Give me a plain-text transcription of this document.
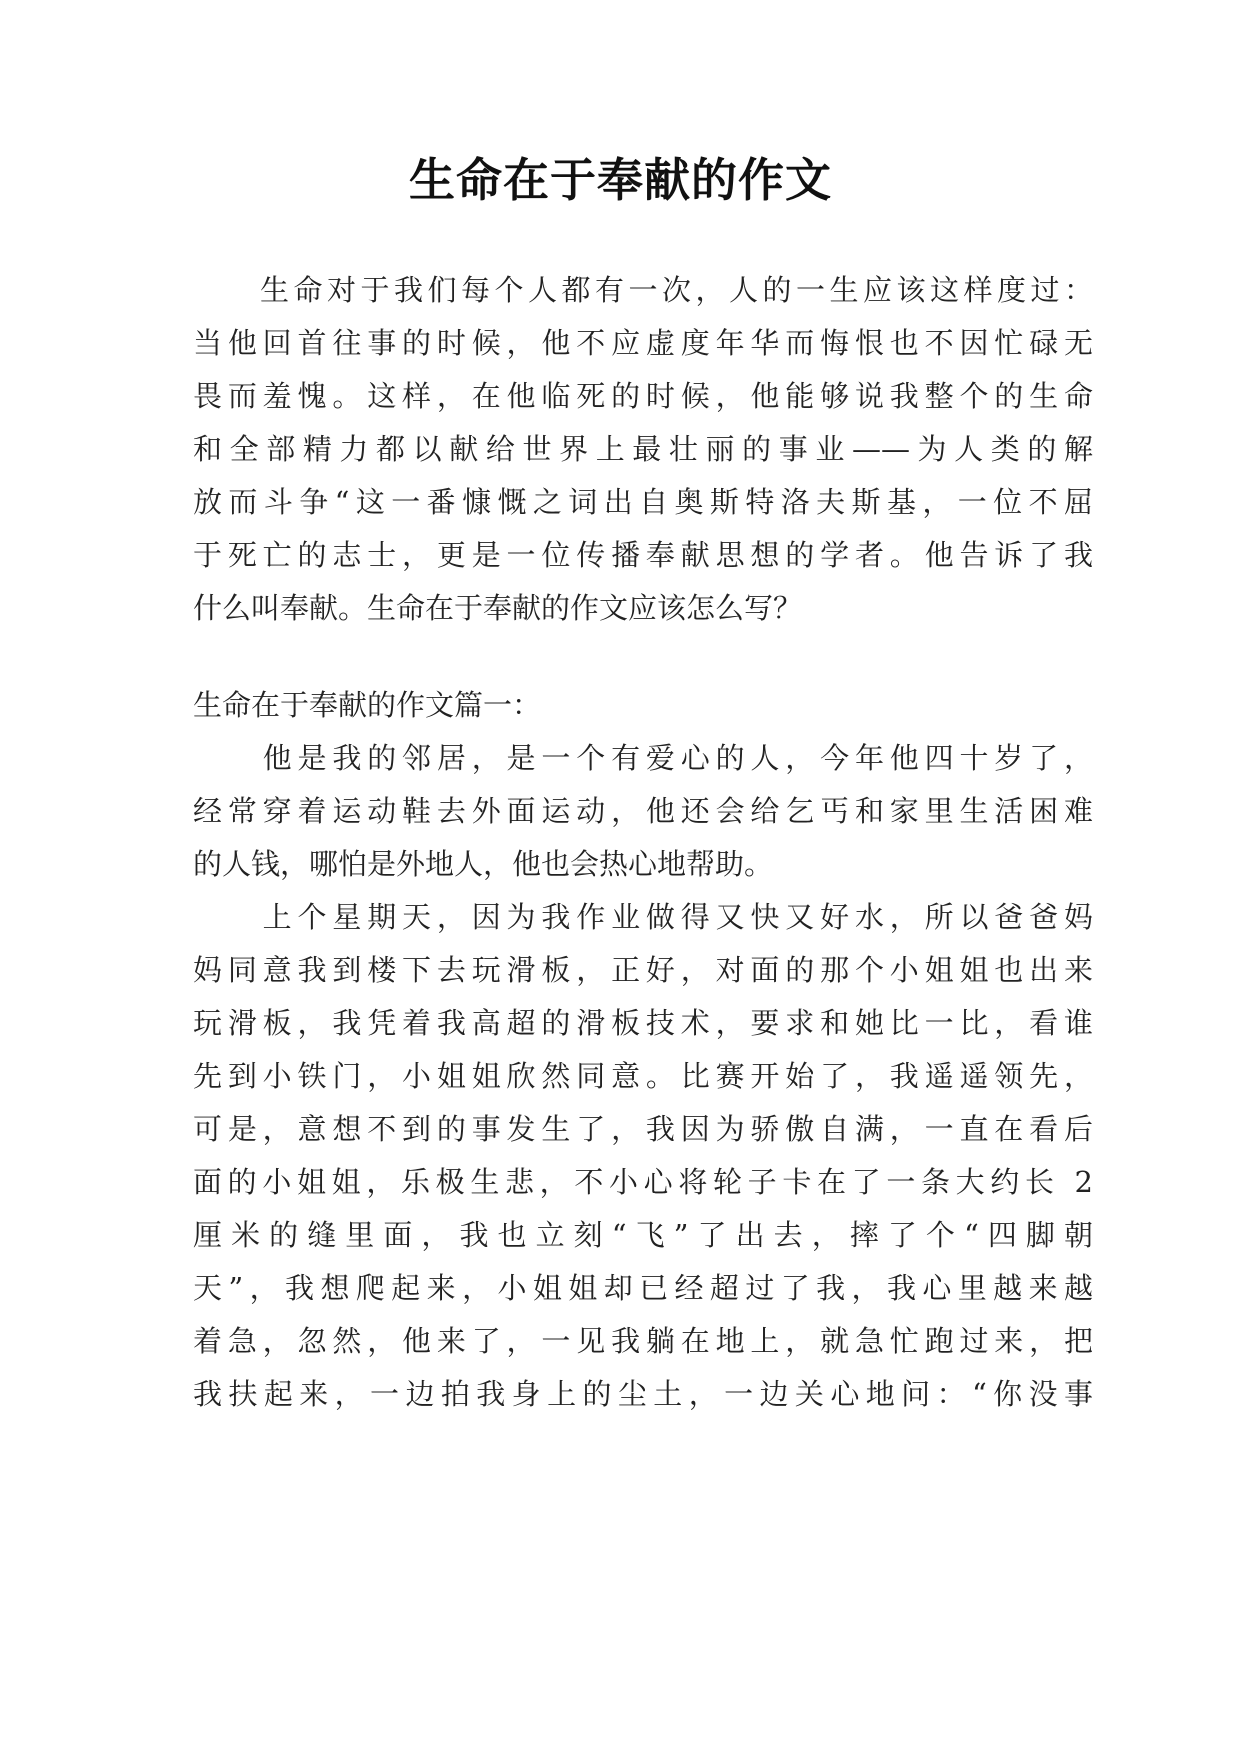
生命在于奉献的作文
　　生命对于我们每个人都有一次，人的一生应该这样度过：
当他回首往事的时候，他不应虚度年华而悔恨也不因忙碌无
畏而羞愧。这样，在他临死的时候，他能够说我整个的生命
和全部精力都以献给世界上最壮丽的事业——为人类的解
放而斗争“这一番慷慨之词出自奥斯特洛夫斯基，一位不屈
于死亡的志士，更是一位传播奉献思想的学者。他告诉了我
什么叫奉献。生命在于奉献的作文应该怎么写？
生命在于奉献的作文篇一：
　　他是我的邻居，是一个有爱心的人，今年他四十岁了，
经常穿着运动鞋去外面运动，他还会给乞丐和家里生活困难
的人钱，哪怕是外地人，他也会热心地帮助。
　　上个星期天，因为我作业做得又快又好水，所以爸爸妈
妈同意我到楼下去玩滑板，正好，对面的那个小姐姐也出来
玩滑板，我凭着我高超的滑板技术，要求和她比一比，看谁
先到小铁门，小姐姐欣然同意。比赛开始了，我遥遥领先，
可是，意想不到的事发生了，我因为骄傲自满，一直在看后
面的小姐姐，乐极生悲，不小心将轮子卡在了一条大约长 2
厘米的缝里面，我也立刻“飞”了出去，摔了个“四脚朝
天”，我想爬起来，小姐姐却已经超过了我，我心里越来越
着急，忽然，他来了，一见我躺在地上，就急忙跑过来，把
我扶起来，一边拍我身上的尘土，一边关心地问：“你没事
